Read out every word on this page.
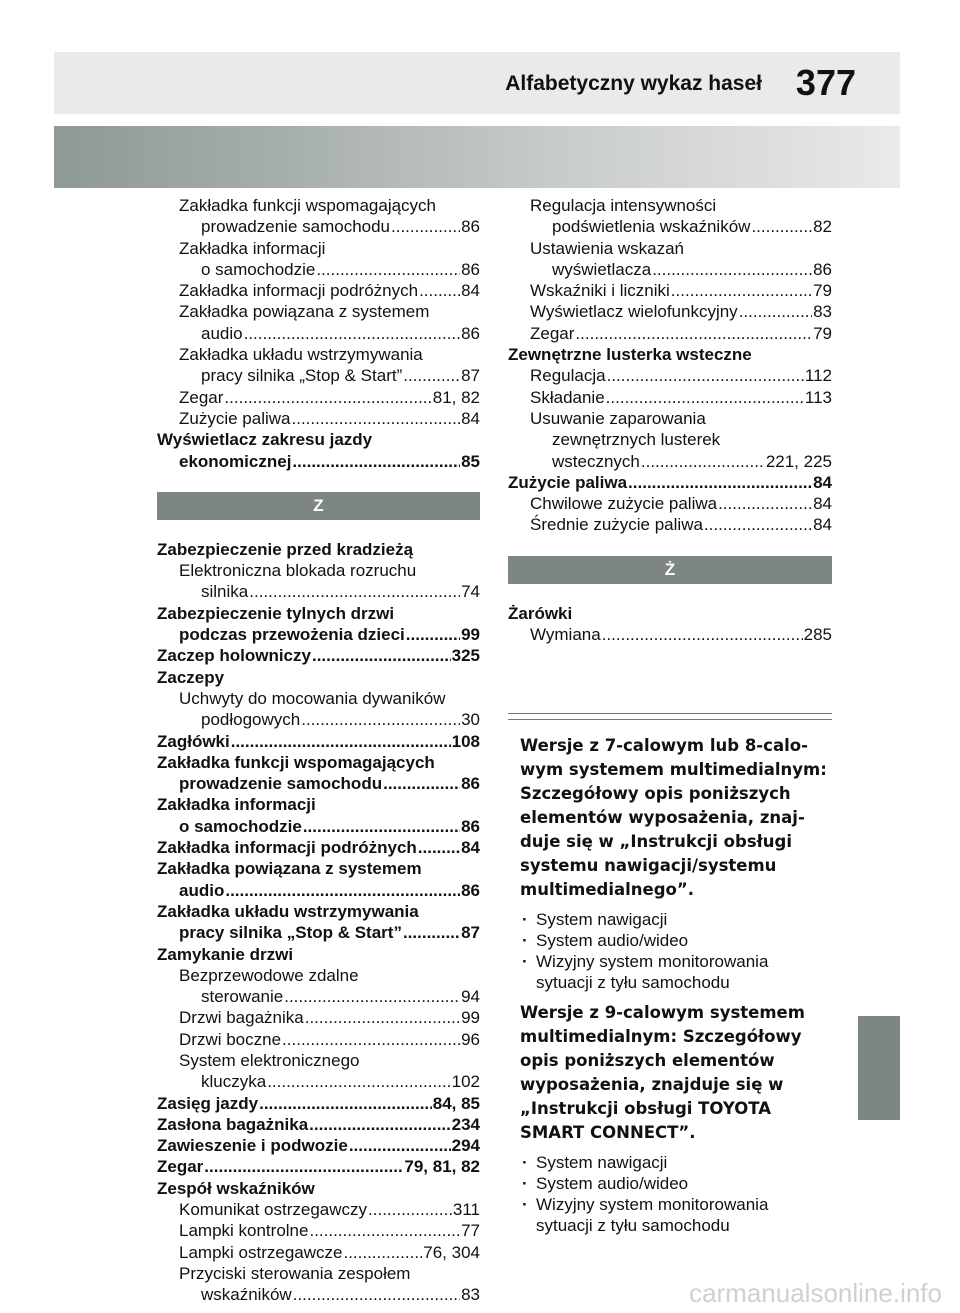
Alfabetyczny wykaz haseł 377
Zakładka funkcji wspomagających
prowadzenie samochodu .....	86
Zakładka informacji
o samochodzie .....	86
Zakładka informacji podróżnych .....	84
Zakładka powiązana z systemem
audio .....	86
Zakładka układu wstrzymywania
pracy silnika „Stop & Start” .....	87
Zegar .....	81, 82
Zużycie paliwa .....	84
Wyświetlacz zakresu jazdy
ekonomicznej .....	85
Z
Zabezpieczenie przed kradzieżą
Elektroniczna blokada rozruchu
silnika .....	74
Zabezpieczenie tylnych drzwi
podczas przewożenia dzieci .....	99
Zaczep holowniczy .....	325
Zaczepy
Uchwyty do mocowania dywaników
podłogowych .....	30
Zagłówki .....	108
Zakładka funkcji wspomagających
prowadzenie samochodu .....	86
Zakładka informacji
o samochodzie .....	86
Zakładka informacji podróżnych .....	84
Zakładka powiązana z systemem
audio .....	86
Zakładka układu wstrzymywania
pracy silnika „Stop & Start” .....	87
Zamykanie drzwi
Bezprzewodowe zdalne
sterowanie .....	94
Drzwi bagażnika .....	99
Drzwi boczne .....	96
System elektronicznego
kluczyka .....	102
Zasięg jazdy .....	84, 85
Zasłona bagażnika .....	234
Zawieszenie i podwozie .....	294
Zegar .....	79, 81, 82
Zespół wskaźników
Komunikat ostrzegawczy .....	311
Lampki kontrolne .....	77
Lampki ostrzegawcze .....	76, 304
Przyciski sterowania zespołem
wskaźników .....	83
Regulacja intensywności
podświetlenia wskaźników .....	82
Ustawienia wskazań
wyświetlacza .....	86
Wskaźniki i liczniki .....	79
Wyświetlacz wielofunkcyjny .....	83
Zegar .....	79
Zewnętrzne lusterka wsteczne
Regulacja .....	112
Składanie .....	113
Usuwanie zaparowania
zewnętrznych lusterek
wstecznych .....	221, 225
Zużycie paliwa .....	84
Chwilowe zużycie paliwa .....	84
Średnie zużycie paliwa .....	84
Ż
Żarówki
Wymiana .....	285
Wersje z 7-calowym lub 8-calo-wym systemem multimedialnym: Szczegółowy opis poniższych elementów wyposażenia, znaj-duje się w „Instrukcji obsługi systemu nawigacji/systemu multimedialnego”.
· System nawigacji
· System audio/wideo
· Wizyjny system monitorowania
sytuacji z tyłu samochodu
Wersje z 9-calowym systemem multimedialnym: Szczegółowy opis poniższych elementów wyposażenia, znajduje się w „Instrukcji obsługi TOYOTA SMART CONNECT”.
· System nawigacji
· System audio/wideo
· Wizyjny system monitorowania
sytuacji z tyłu samochodu
carmanualsonline.info
